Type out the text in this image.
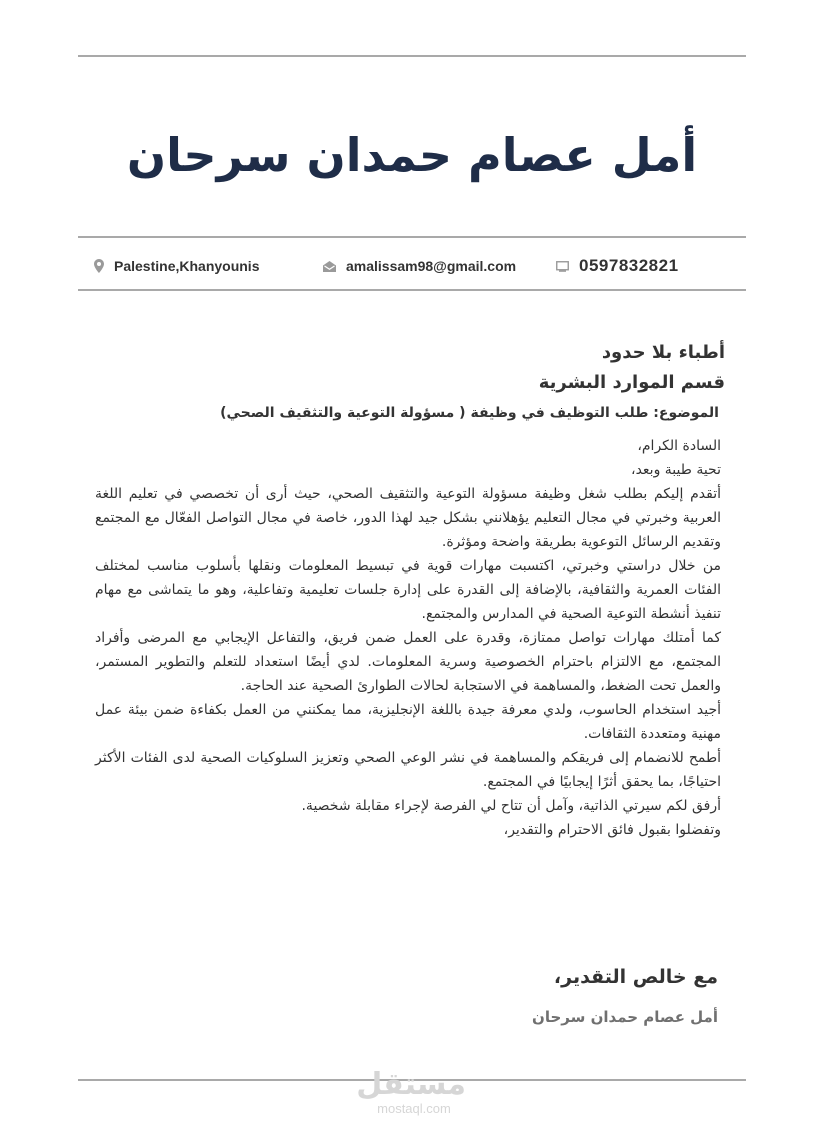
أمل عصام حمدان سرحان
Palestine,Khanyounis	amalissam98@gmail.com	0597832821
أطباء بلا حدود
قسم الموارد البشرية
الموضوع: طلب التوظيف في وظيفة ( مسؤولة التوعية والتثقيف الصحي)
السادة الكرام،
تحية طيبة وبعد،
أتقدم إليكم بطلب شغل وظيفة مسؤولة التوعية والتثقيف الصحي، حيث أرى أن تخصصي في تعليم اللغة العربية وخبرتي في مجال التعليم يؤهلانني بشكل جيد لهذا الدور، خاصة في مجال التواصل الفعّال مع المجتمع وتقديم الرسائل التوعوية بطريقة واضحة ومؤثرة.
من خلال دراستي وخبرتي، اكتسبت مهارات قوية في تبسيط المعلومات ونقلها بأسلوب مناسب لمختلف الفئات العمرية والثقافية، بالإضافة إلى القدرة على إدارة جلسات تعليمية وتفاعلية، وهو ما يتماشى مع مهام تنفيذ أنشطة التوعية الصحية في المدارس والمجتمع.
كما أمتلك مهارات تواصل ممتازة، وقدرة على العمل ضمن فريق، والتفاعل الإيجابي مع المرضى وأفراد المجتمع، مع الالتزام باحترام الخصوصية وسرية المعلومات. لدي أيضًا استعداد للتعلم والتطوير المستمر، والعمل تحت الضغط، والمساهمة في الاستجابة لحالات الطوارئ الصحية عند الحاجة.
أجيد استخدام الحاسوب، ولدي معرفة جيدة باللغة الإنجليزية، مما يمكنني من العمل بكفاءة ضمن بيئة عمل مهنية ومتعددة الثقافات.
أطمح للانضمام إلى فريقكم والمساهمة في نشر الوعي الصحي وتعزيز السلوكيات الصحية لدى الفئات الأكثر احتياجًا، بما يحقق أثرًا إيجابيًا في المجتمع.
أرفق لكم سيرتي الذاتية، وآمل أن تتاح لي الفرصة لإجراء مقابلة شخصية.
وتفضلوا بقبول فائق الاحترام والتقدير،
مع خالص التقدير،
أمل عصام حمدان سرحان
مستقل
mostaql.com
